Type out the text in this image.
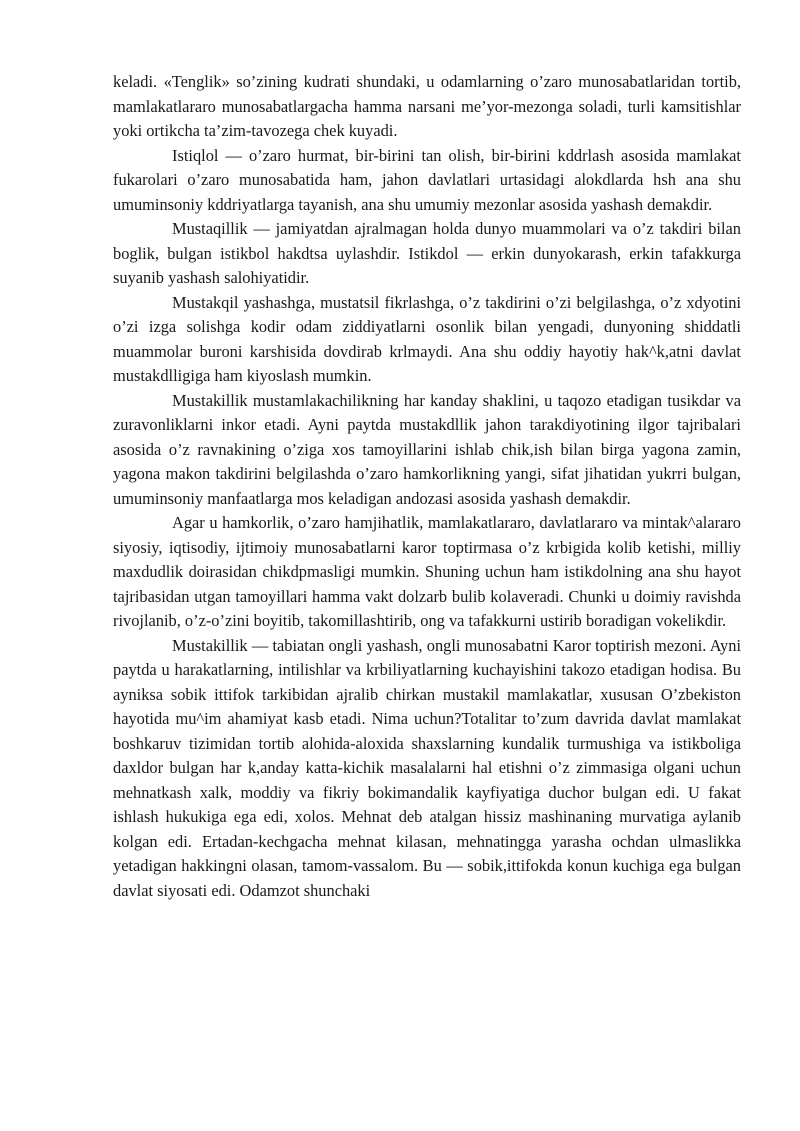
keladi. «Tenglik» so’zining kudrati shundaki, u odamlarning o’zaro munosabatlaridan tortib, mamlakatlararo munosabatlargacha hamma narsani me’yor-mezonga soladi, turli kamsitishlar yoki ortikcha ta’zim-tavozega chek kuyadi.

Istiqlol — o’zaro hurmat, bir-birini tan olish, bir-birini kddrlash asosida mamlakat fukarolari o’zaro munosabatida ham, jahon davlatlari urtasidagi alokdlarda hsh ana shu umuminsoniy kddriyatlarga tayanish, ana shu umumiy mezonlar asosida yashash demakdir.

Mustaqillik — jamiyatdan ajralmagan holda dunyo muammolari va o’z takdiri bilan boglik, bulgan istikbol hakdtsa uylashdir. Istikdol — erkin dunyokarash, erkin tafakkurga suyanib yashash salohiyatidir.

Mustakqil yashashga, mustatsil fikrlashga, o’z takdirini o’zi belgilashga, o’z xdyotini o’zi izga solishga kodir odam ziddiyatlarni osonlik bilan yengadi, dunyoning shiddatli muammolar buroni karshisida dovdirab krlmaydi. Ana shu oddiy hayotiy hak^k,atni davlat mustakdlligiga ham kiyoslash mumkin.

Mustakillik mustamlakachilikning har kanday shaklini, u taqozo etadigan tusikdar va zuravonliklarni inkor etadi. Ayni paytda mustakdllik jahon tarakdiyotining ilgor tajribalari asosida o’z ravnakining o’ziga xos tamoyillarini ishlab chik,ish bilan birga yagona zamin, yagona makon takdirini belgilashda o’zaro hamkorlikning yangi, sifat jihatidan yukrri bulgan, umuminsoniy manfaatlarga mos keladigan andozasi asosida yashash demakdir.

Agar u hamkorlik, o’zaro hamjihatlik, mamlakatlararo, davlatlararo va mintak^alararo siyosiy, iqtisodiy, ijtimoiy munosabatlarni karor toptirmasa o’z krbigida kolib ketishi, milliy maxdudlik doirasidan chikdpmasligi mumkin. Shuning uchun ham istikdolning ana shu hayot tajribasidan utgan tamoyillari hamma vakt dolzarb bulib kolaveradi. Chunki u doimiy ravishda rivojlanib, o’z-o’zini boyitib, takomillashtirib, ong va tafakkurni ustirib boradigan vokelikdir.

Mustakillik — tabiatan ongli yashash, ongli munosabatni Karor toptirish mezoni. Ayni paytda u harakatlarning, intilishlar va krbiliyatlarning kuchayishini takozo etadigan hodisa. Bu ayniksa sobik ittifok tarkibidan ajralib chirkan mustakil mamlakatlar, xususan O’zbekiston hayotida mu^im ahamiyat kasb etadi. Nima uchun?Totalitar to’zum davrida davlat mamlakat boshkaruv tizimidan tortib alohida-aloxida shaxslarning kundalik turmushiga va istikboliga daxldor bulgan har k,anday katta-kichik masalalarni hal etishni o’z zimmasiga olgani uchun mehnatkash xalk, moddiy va fikriy bokimandalik kayfiyatiga duchor bulgan edi. U fakat ishlash hukukiga ega edi, xolos. Mehnat deb atalgan hissiz mashinaning murvatiga aylanib kolgan edi. Ertadan-kechgacha mehnat kilasan, mehnatingga yarasha ochdan ulmaslikka yetadigan hakkingni olasan, tamom-vassalom. Bu — sobik,ittifokda konun kuchiga ega bulgan davlat siyosati edi. Odamzot shunchaki
